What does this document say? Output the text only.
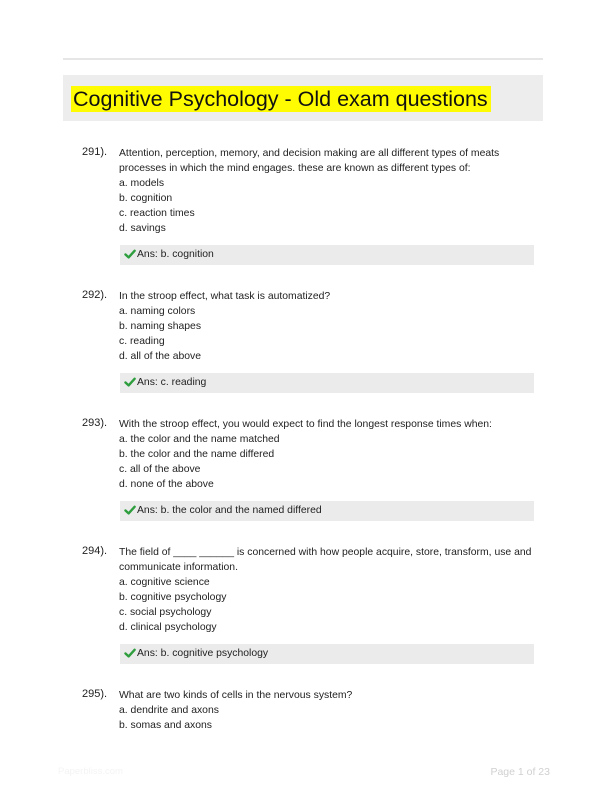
Cognitive Psychology - Old exam questions
291). Attention, perception, memory, and decision making are all different types of meats
processes in which the mind engages. these are known as different types of:
a. models
b. cognition
c. reaction times
d. savings
Ans: b. cognition
292). In the stroop effect, what task is automatized?
a. naming colors
b. naming shapes
c. reading
d. all of the above
Ans: c. reading
293). With the stroop effect, you would expect to find the longest response times when:
a. the color and the name matched
b. the color and the name differed
c. all of the above
d. none of the above
Ans: b. the color and the named differed
294). The field of ____ ______ is concerned with how people acquire, store, transform, use and
communicate information.
a. cognitive science
b. cognitive psychology
c. social psychology
d. clinical psychology
Ans: b. cognitive psychology
295). What are two kinds of cells in the nervous system?
a. dendrite and axons
b. somas and axons
Paperbliss.com	Page 1 of 23
